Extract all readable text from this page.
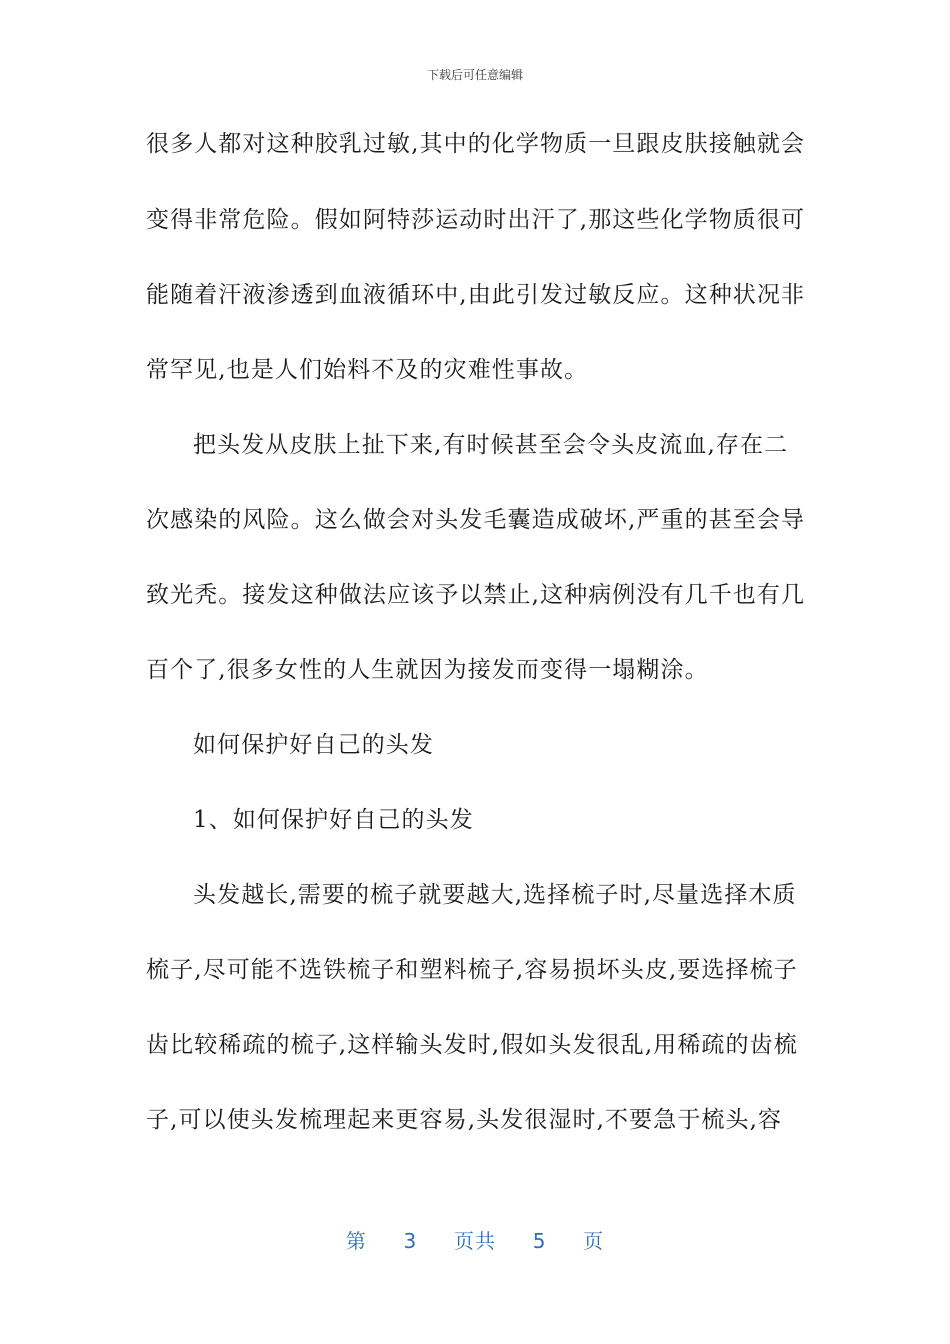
下载后可任意编辑
很多人都对这种胶乳过敏,其中的化学物质一旦跟皮肤接触就会
变得非常危险。假如阿特莎运动时出汗了,那这些化学物质很可
能随着汗液渗透到血液循环中,由此引发过敏反应。这种状况非
常罕见,也是人们始料不及的灾难性事故。
把头发从皮肤上扯下来,有时候甚至会令头皮流血,存在二
次感染的风险。这么做会对头发毛囊造成破坏,严重的甚至会导
致光秃。接发这种做法应该予以禁止,这种病例没有几千也有几
百个了,很多女性的人生就因为接发而变得一塌糊涂。
如何保护好自己的头发
1、如何保护好自己的头发
头发越长,需要的梳子就要越大,选择梳子时,尽量选择木质
梳子,尽可能不选铁梳子和塑料梳子,容易损坏头皮,要选择梳子
齿比较稀疏的梳子,这样输头发时,假如头发很乱,用稀疏的齿梳
子,可以使头发梳理起来更容易,头发很湿时,不要急于梳头,容
第 3 页共 5 页
